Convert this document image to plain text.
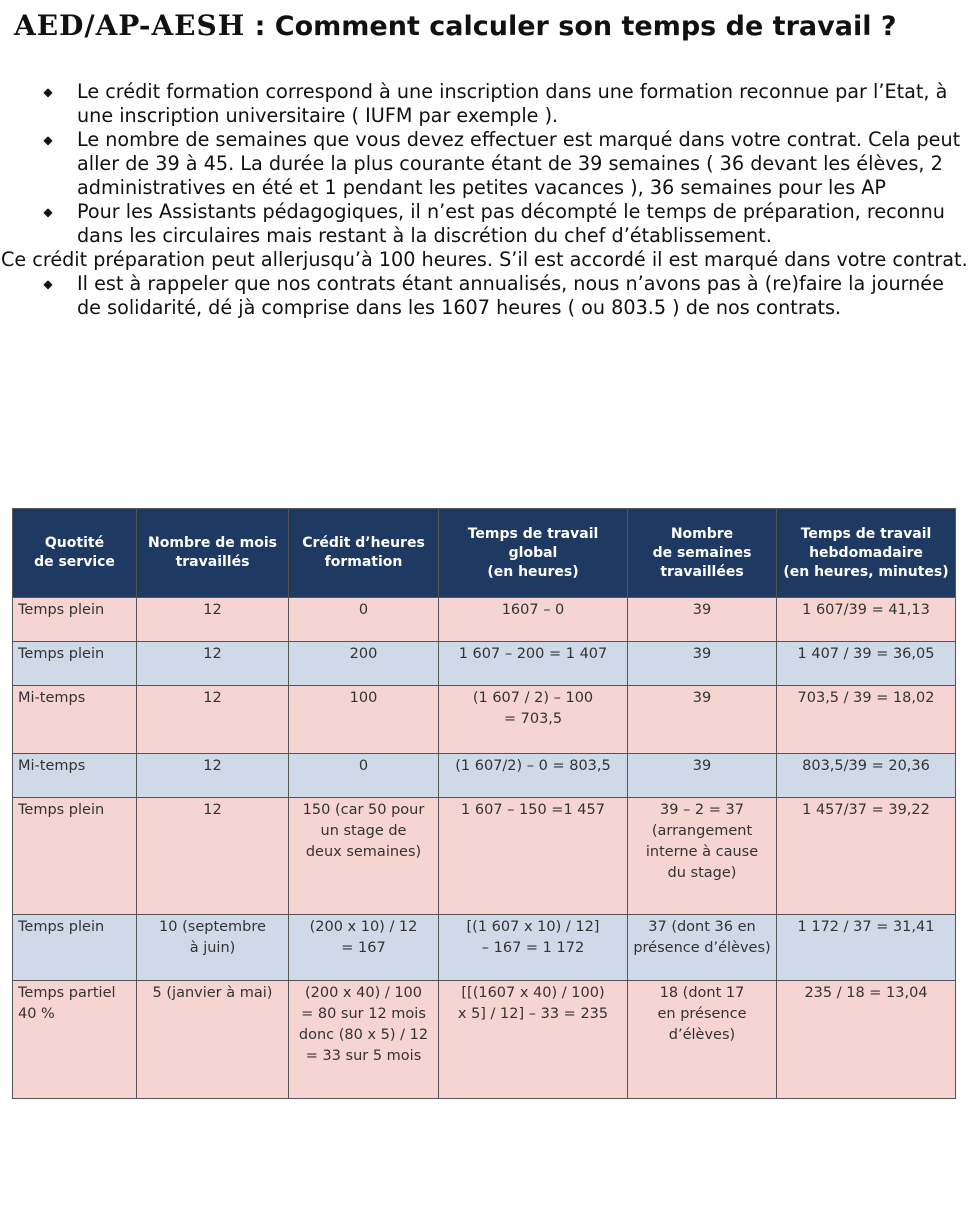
AED/AP-AESH : Comment calculer son temps de travail ?
◆ Le crédit formation correspond à une inscription dans une formation reconnue par l’Etat, à une inscription universitaire ( IUFM par exemple ).
◆ Le nombre de semaines que vous devez effectuer est marqué dans votre contrat. Cela peut aller de 39 à 45. La durée la plus courante étant de 39 semaines ( 36 devant les élèves, 2 administratives en été et 1 pendant les petites vacances ), 36 semaines pour les AP
◆ Pour les Assistants pédagogiques, il n’est pas décompté le temps de préparation, reconnu dans les circulaires mais restant à la discrétion du chef d’établissement.
Ce crédit préparation peut allerjusqu’à 100 heures. S’il est accordé il est marqué dans votre contrat.
◆ Il est à rappeler que nos contrats étant annualisés, nous n’avons pas à (re)faire la journée de solidarité, dé jà comprise dans les 1607 heures ( ou 803.5 ) de nos contrats.
Quotité
de service	Nombre de mois
travaillés	Crédit d’heures
formation	Temps de travail
global
(en heures)	Nombre
de semaines
travaillées	Temps de travail
hebdomadaire
(en heures, minutes)
Temps plein	12	0	1607 – 0	39	1 607/39 = 41,13
Temps plein	12	200	1 607 – 200 = 1 407	39	1 407 / 39 = 36,05
Mi-temps	12	100	(1 607 / 2) – 100
= 703,5	39	703,5 / 39 = 18,02
Mi-temps	12	0	(1 607/2) – 0 = 803,5	39	803,5/39 = 20,36
Temps plein	12	150 (car 50 pour
un stage de
deux semaines)	1 607 – 150 =1 457	39 – 2 = 37
(arrangement
interne à cause
du stage)	1 457/37 = 39,22
Temps plein	10 (septembre
à juin)	(200 x 10) / 12
= 167	[(1 607 x 10) / 12]
– 167 = 1 172	37 (dont 36 en
présence d’élèves)	1 172 / 37 = 31,41
Temps partiel
40 %	5 (janvier à mai)	(200 x 40) / 100
= 80 sur 12 mois
donc (80 x 5) / 12
= 33 sur 5 mois	[[(1607 x 40) / 100)
x 5] / 12] – 33 = 235	18 (dont 17
en présence
d’élèves)	235 / 18 = 13,04
